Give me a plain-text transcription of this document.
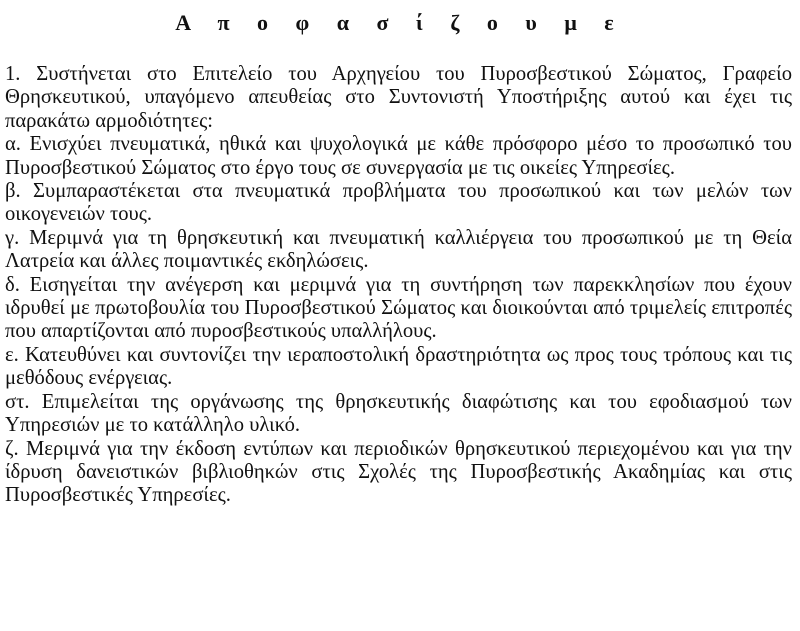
Α π ο φ α σ ί ζ ο υ μ ε

1. Συστήνεται στο Επιτελείο του Αρχηγείου του Πυροσβεστικού Σώματος, Γραφείο Θρησκευτικού, υπαγόμενο απευθείας στο Συντονιστή Υποστήριξης αυτού και έχει τις παρακάτω αρμοδιότητες:

α. Ενισχύει πνευματικά, ηθικά και ψυχολογικά με κάθε πρόσφορο μέσο το προσωπικό του Πυροσβεστικού Σώματος στο έργο τους σε συνεργασία με τις οικείες Υπηρεσίες.

β. Συμπαραστέκεται στα πνευματικά προβλήματα του προσωπικού και των μελών των οικογενειών τους.

γ. Μεριμνά για τη θρησκευτική και πνευματική καλλιέργεια του προσωπικού με τη Θεία Λατρεία και άλλες ποιμαντικές εκδηλώσεις.

δ. Εισηγείται την ανέγερση και μεριμνά για τη συντήρηση των παρεκκλησίων που έχουν ιδρυθεί με πρωτοβουλία του Πυροσβεστικού Σώματος και διοικούνται από τριμελείς επιτροπές που απαρτίζονται από πυροσβεστικούς υπαλλήλους.

ε. Κατευθύνει και συντονίζει την ιεραποστολική δραστηριότητα ως προς τους τρόπους και τις μεθόδους ενέργειας.

στ. Επιμελείται της οργάνωσης της θρησκευτικής διαφώτισης και του εφοδιασμού των Υπηρεσιών με το κατάλληλο υλικό.

ζ. Μεριμνά για την έκδοση εντύπων και περιοδικών θρησκευτικού περιεχομένου και για την ίδρυση δανειστικών βιβλιοθηκών στις Σχολές της Πυροσβεστικής Ακαδημίας και στις Πυροσβεστικές Υπηρεσίες.
